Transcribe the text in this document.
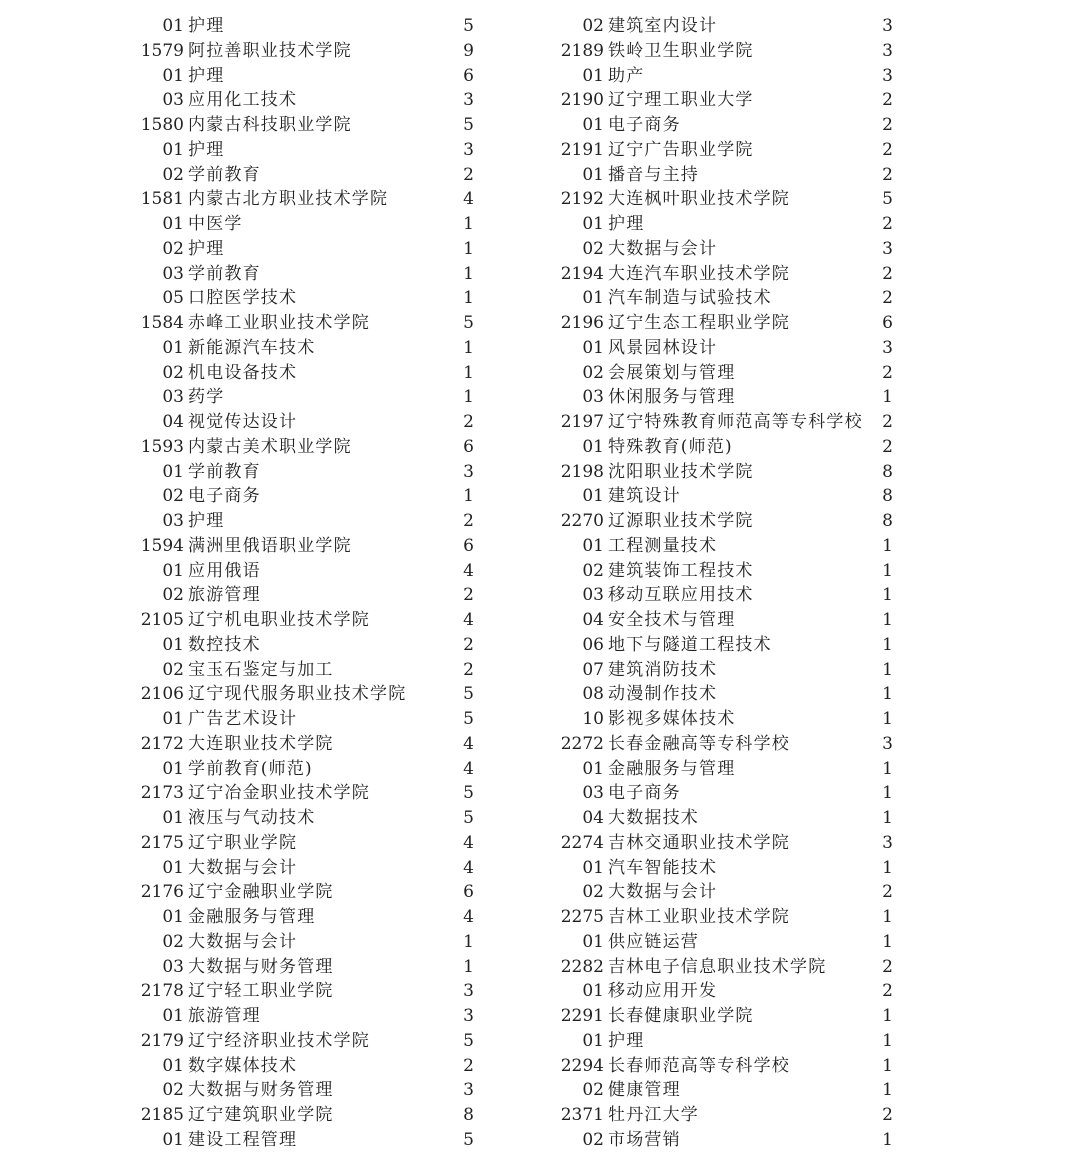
01 护理	5
1579 阿拉善职业技术学院	9
01 护理	6
03 应用化工技术	3
1580 内蒙古科技职业学院	5
01 护理	3
02 学前教育	2
1581 内蒙古北方职业技术学院	4
01 中医学	1
02 护理	1
03 学前教育	1
05 口腔医学技术	1
1584 赤峰工业职业技术学院	5
01 新能源汽车技术	1
02 机电设备技术	1
03 药学	1
04 视觉传达设计	2
1593 内蒙古美术职业学院	6
01 学前教育	3
02 电子商务	1
03 护理	2
1594 满洲里俄语职业学院	6
01 应用俄语	4
02 旅游管理	2
2105 辽宁机电职业技术学院	4
01 数控技术	2
02 宝玉石鉴定与加工	2
2106 辽宁现代服务职业技术学院	5
01 广告艺术设计	5
2172 大连职业技术学院	4
01 学前教育(师范)	4
2173 辽宁冶金职业技术学院	5
01 液压与气动技术	5
2175 辽宁职业学院	4
01 大数据与会计	4
2176 辽宁金融职业学院	6
01 金融服务与管理	4
02 大数据与会计	1
03 大数据与财务管理	1
2178 辽宁轻工职业学院	3
01 旅游管理	3
2179 辽宁经济职业技术学院	5
01 数字媒体技术	2
02 大数据与财务管理	3
2185 辽宁建筑职业学院	8
01 建设工程管理	5
02 建筑室内设计	3
2189 铁岭卫生职业学院	3
01 助产	3
2190 辽宁理工职业大学	2
01 电子商务	2
2191 辽宁广告职业学院	2
01 播音与主持	2
2192 大连枫叶职业技术学院	5
01 护理	2
02 大数据与会计	3
2194 大连汽车职业技术学院	2
01 汽车制造与试验技术	2
2196 辽宁生态工程职业学院	6
01 风景园林设计	3
02 会展策划与管理	2
03 休闲服务与管理	1
2197 辽宁特殊教育师范高等专科学校	2
01 特殊教育(师范)	2
2198 沈阳职业技术学院	8
01 建筑设计	8
2270 辽源职业技术学院	8
01 工程测量技术	1
02 建筑装饰工程技术	1
03 移动互联应用技术	1
04 安全技术与管理	1
06 地下与隧道工程技术	1
07 建筑消防技术	1
08 动漫制作技术	1
10 影视多媒体技术	1
2272 长春金融高等专科学校	3
01 金融服务与管理	1
03 电子商务	1
04 大数据技术	1
2274 吉林交通职业技术学院	3
01 汽车智能技术	1
02 大数据与会计	2
2275 吉林工业职业技术学院	1
01 供应链运营	1
2282 吉林电子信息职业技术学院	2
01 移动应用开发	2
2291 长春健康职业学院	1
01 护理	1
2294 长春师范高等专科学校	1
02 健康管理	1
2371 牡丹江大学	2
02 市场营销	1
